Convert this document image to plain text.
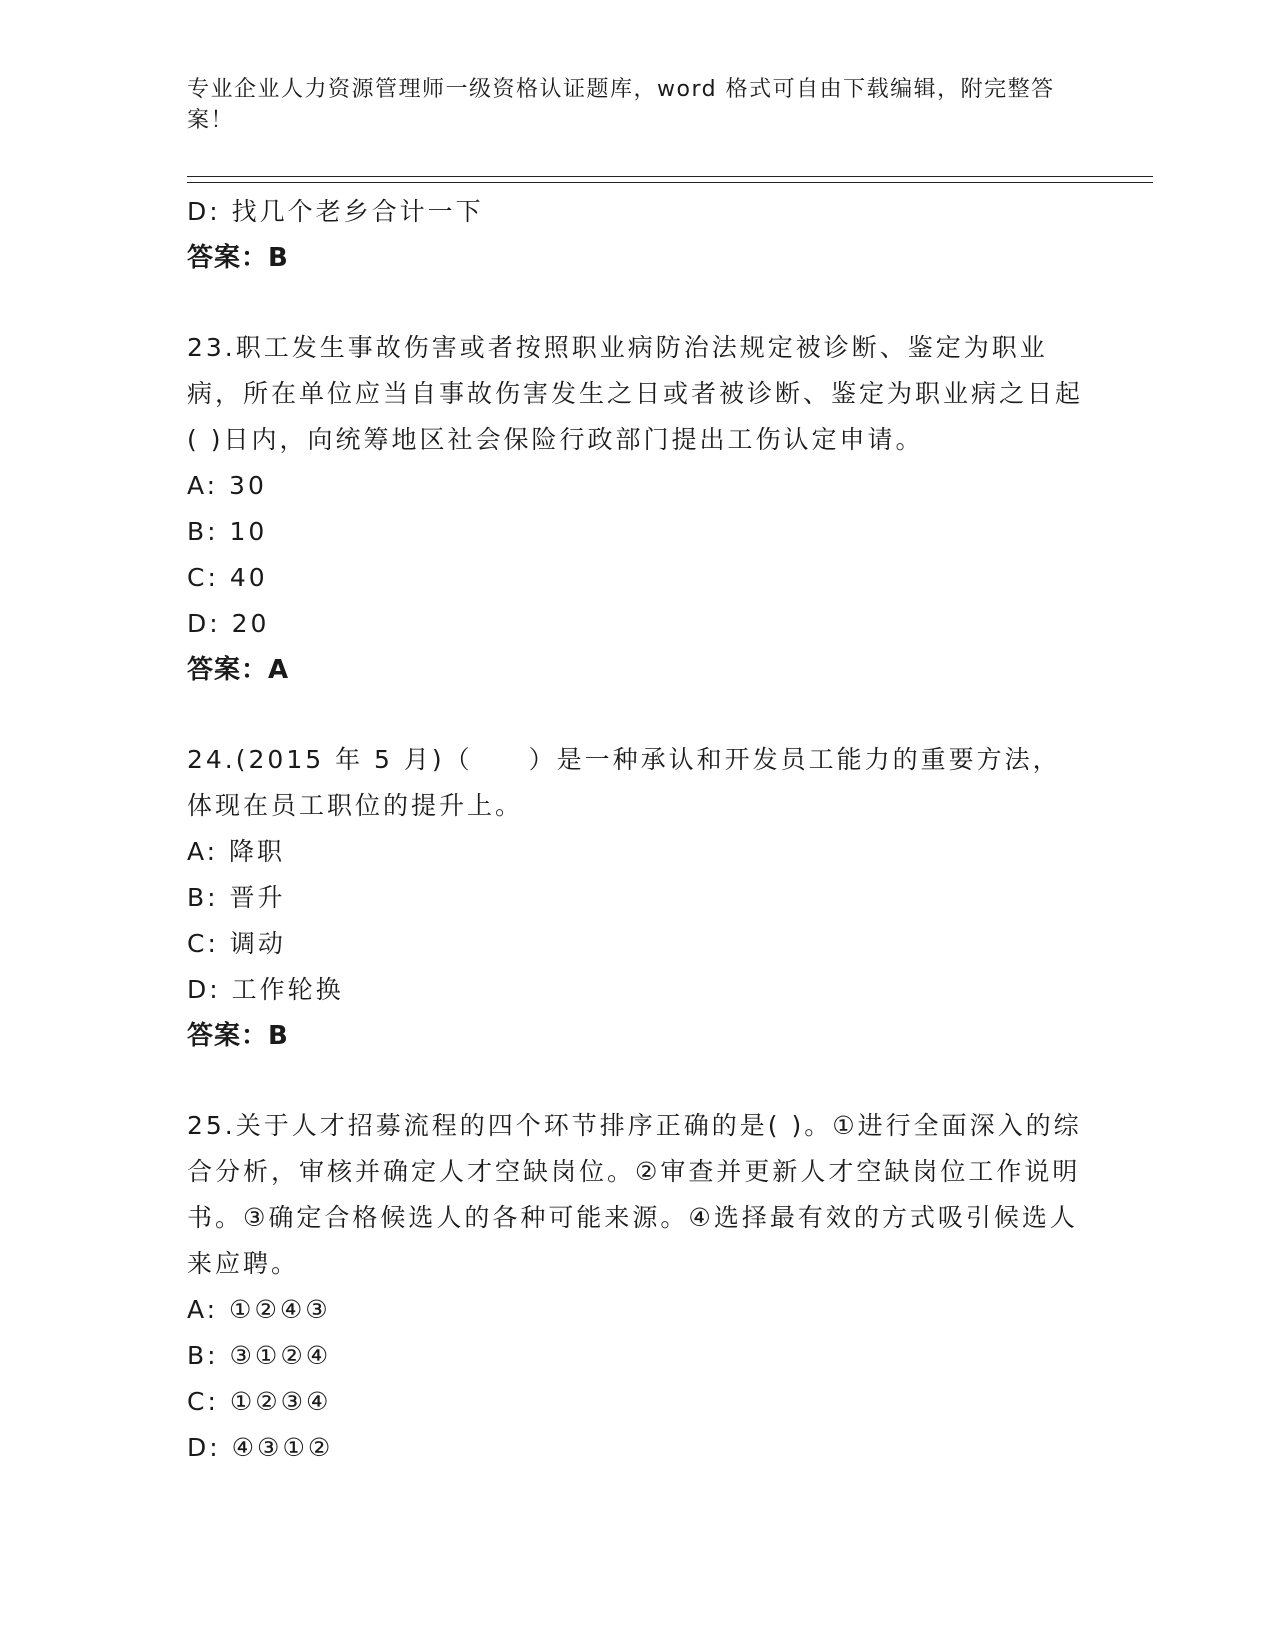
专业企业人力资源管理师一级资格认证题库，word 格式可自由下载编辑，附完整答案！
D: 找几个老乡合计一下
答案：B
23.职工发生事故伤害或者按照职业病防治法规定被诊断、鉴定为职业病，所在单位应当自事故伤害发生之日或者被诊断、鉴定为职业病之日起( )日内，向统筹地区社会保险行政部门提出工伤认定申请。
A: 30
B: 10
C: 40
D: 20
答案：A
24.(2015 年 5 月)（　　）是一种承认和开发员工能力的重要方法，体现在员工职位的提升上。
A: 降职
B: 晋升
C: 调动
D: 工作轮换
答案：B
25.关于人才招募流程的四个环节排序正确的是( )。①进行全面深入的综合分析，审核并确定人才空缺岗位。②审查并更新人才空缺岗位工作说明书。③确定合格候选人的各种可能来源。④选择最有效的方式吸引候选人来应聘。
A: ①②④③
B: ③①②④
C: ①②③④
D: ④③①②
